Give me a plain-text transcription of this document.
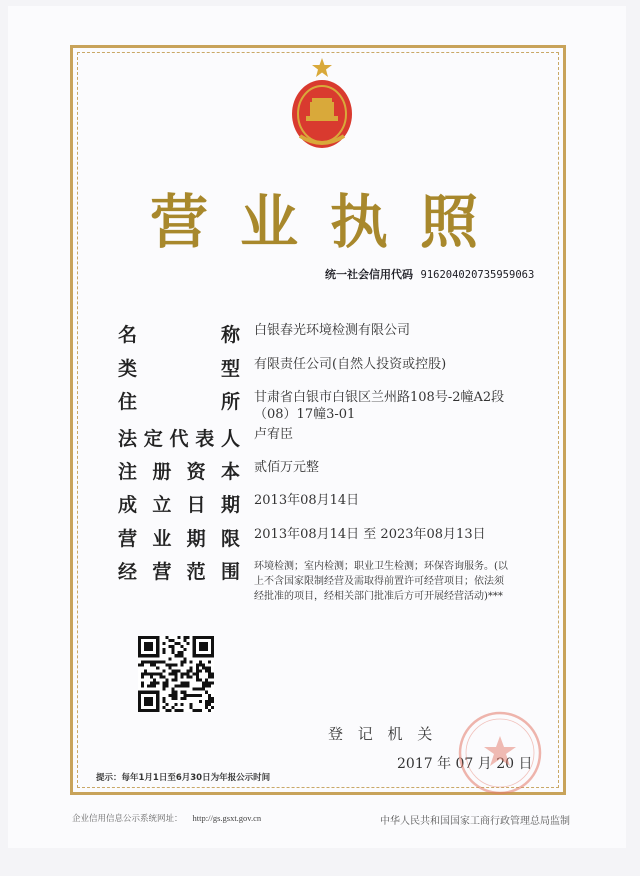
营 业 执 照
统一社会信用代码 916204020735959063
名	称 白银春光环境检测有限公司
类	型 有限责任公司(自然人投资或控股)
住	所 甘肃省白银市白银区兰州路108号-2幢A2段（08）17幢3-01
法 定 代 表 人 卢宥臣
注 册 资 本 贰佰万元整
成 立 日 期 2013年08月14日
营 业 期 限 2013年08月14日 至 2023年08月13日
经 营 范 围 环境检测；室内检测；职业卫生检测；环保咨询服务。(以上不含国家限制经营及需取得前置许可经营项目；依法须经批准的项目，经相关部门批准后方可开展经营活动)***
登 记 机 关
2017 年 07 月 20 日
提示：每年1月1日至6月30日为年报公示时间
企业信用信息公示系统网址： http://gs.gsxt.gov.cn	中华人民共和国国家工商行政管理总局监制
